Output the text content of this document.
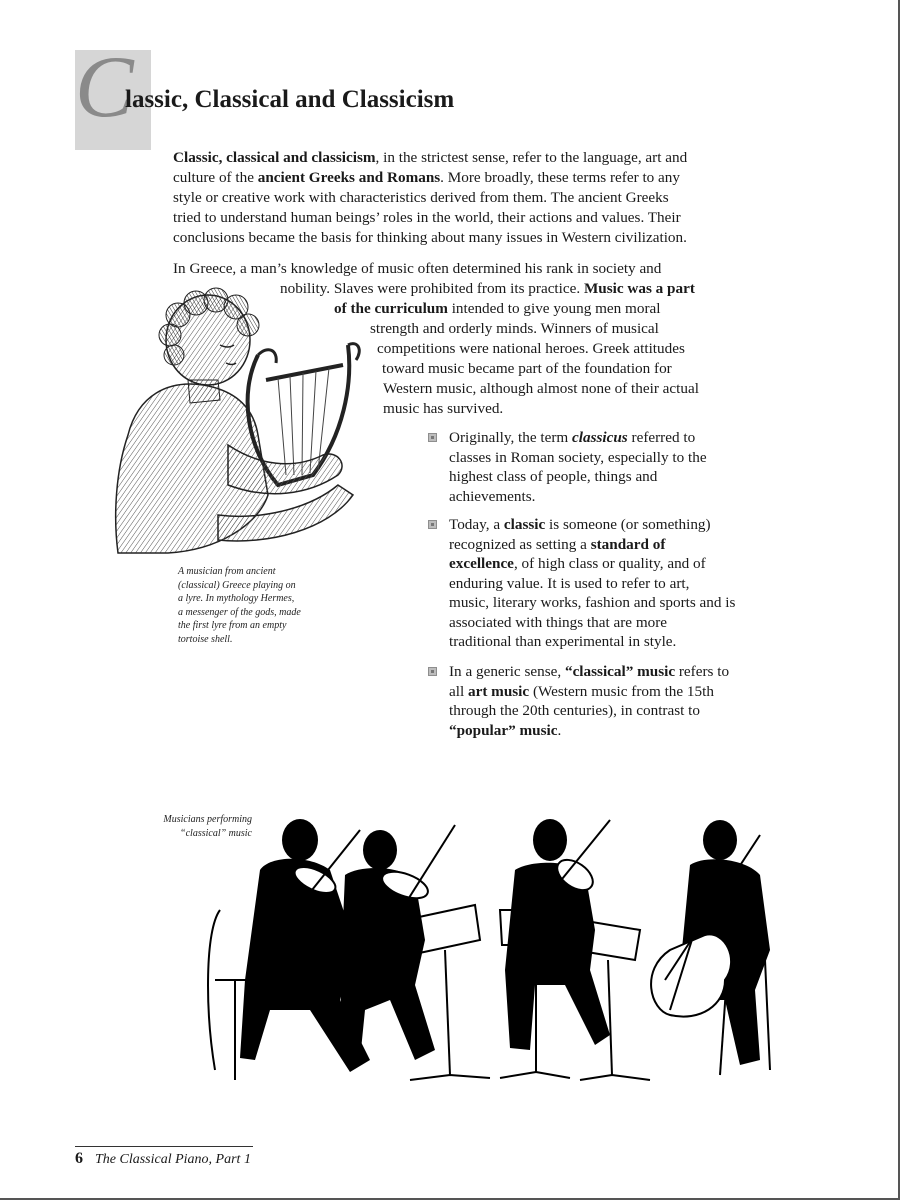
C
lassic, Classical and Classicism
Classic, classical and classicism, in the strictest sense, refer to the language, art and
culture of the ancient Greeks and Romans. More broadly, these terms refer to any
style or creative work with characteristics derived from them. The ancient Greeks
tried to understand human beings’ roles in the world, their actions and values. Their
conclusions became the basis for thinking about many issues in Western civilization.
In Greece, a man’s knowledge of music often determined his rank in society and
nobility. Slaves were prohibited from its practice. Music was a part
of the curriculum intended to give young men moral
strength and orderly minds. Winners of musical
competitions were national heroes. Greek attitudes
toward music became part of the foundation for
Western music, although almost none of their actual
music has survived.
A musician from ancient
(classical) Greece playing on
a lyre. In mythology Hermes,
a messenger of the gods, made
the first lyre from an empty
tortoise shell.
Originally, the term classicus referred to
classes in Roman society, especially to the
highest class of people, things and
achievements.
Today, a classic is someone (or something)
recognized as setting a standard of
excellence, of high class or quality, and of
enduring value. It is used to refer to art,
music, literary works, fashion and sports and is
associated with things that are more
traditional than experimental in style.
In a generic sense, “classical” music refers to
all art music (Western music from the 15th
through the 20th centuries), in contrast to
“popular” music.
Musicians performing
“classical” music
6 The Classical Piano, Part 1
